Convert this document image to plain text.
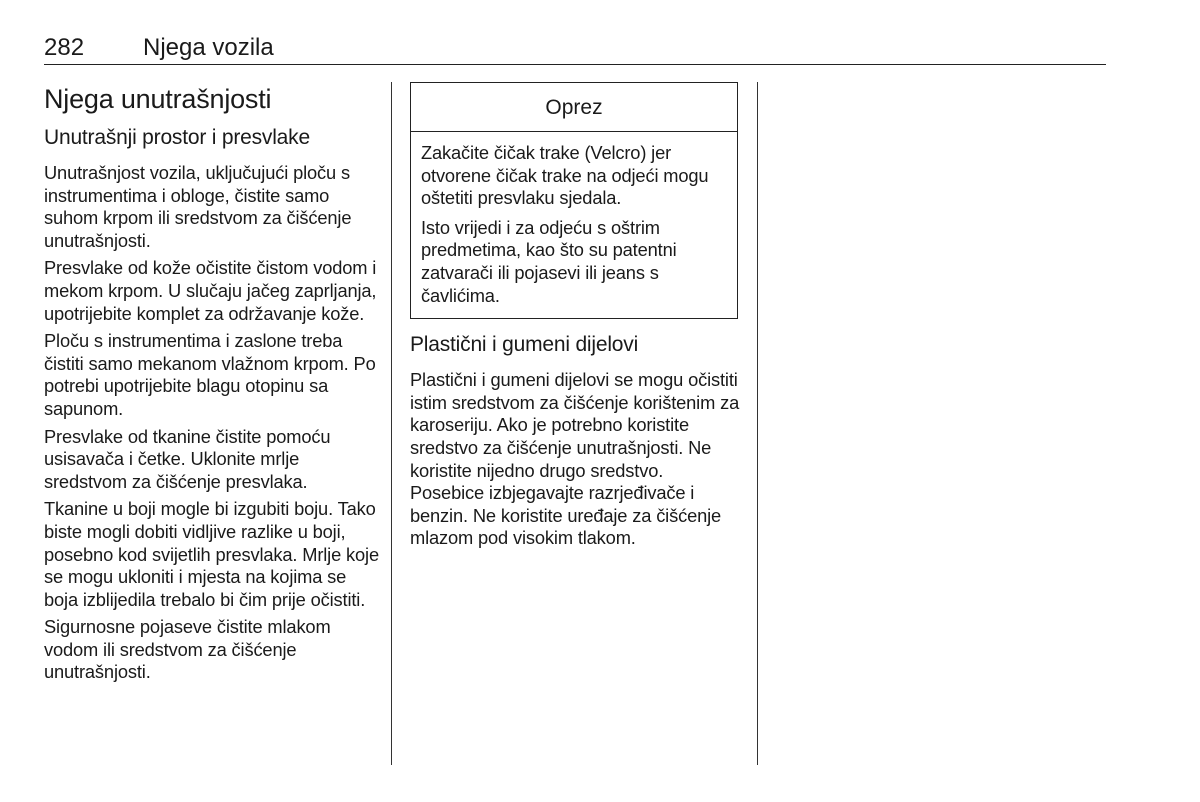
282 Njega vozila
Njega unutrašnjosti
Unutrašnji prostor i presvlake

Unutrašnjost vozila, uključujući ploču s instrumentima i obloge, čistite samo suhom krpom ili sredstvom za čišćenje unutrašnjosti.

Presvlake od kože očistite čistom vodom i mekom krpom. U slučaju jačeg zaprljanja, upotrijebite komplet za održavanje kože.

Ploču s instrumentima i zaslone treba čistiti samo mekanom vlažnom krpom. Po potrebi upotrijebite blagu otopinu sa sapunom.

Presvlake od tkanine čistite pomoću usisavača i četke. Uklonite mrlje sredstvom za čišćenje presvlaka.

Tkanine u boji mogle bi izgubiti boju. Tako biste mogli dobiti vidljive razlike u boji, posebno kod svijetlih presvlaka. Mrlje koje se mogu ukloniti i mjesta na kojima se boja izblijedila trebalo bi čim prije očistiti.

Sigurnosne pojaseve čistite mlakom vodom ili sredstvom za čišćenje unutrašnjosti.

Oprez

Zakačite čičak trake (Velcro) jer otvorene čičak trake na odjeći mogu oštetiti presvlaku sjedala.

Isto vrijedi i za odjeću s oštrim predmetima, kao što su patentni zatvarači ili pojasevi ili jeans s čavlićima.

Plastični i gumeni dijelovi

Plastični i gumeni dijelovi se mogu očistiti istim sredstvom za čišćenje korištenim za karoseriju. Ako je potrebno koristite sredstvo za čišćenje unutrašnjosti. Ne koristite nijedno drugo sredstvo. Posebice izbjegavajte razrjeđivače i benzin. Ne koristite uređaje za čišćenje mlazom pod visokim tlakom.
